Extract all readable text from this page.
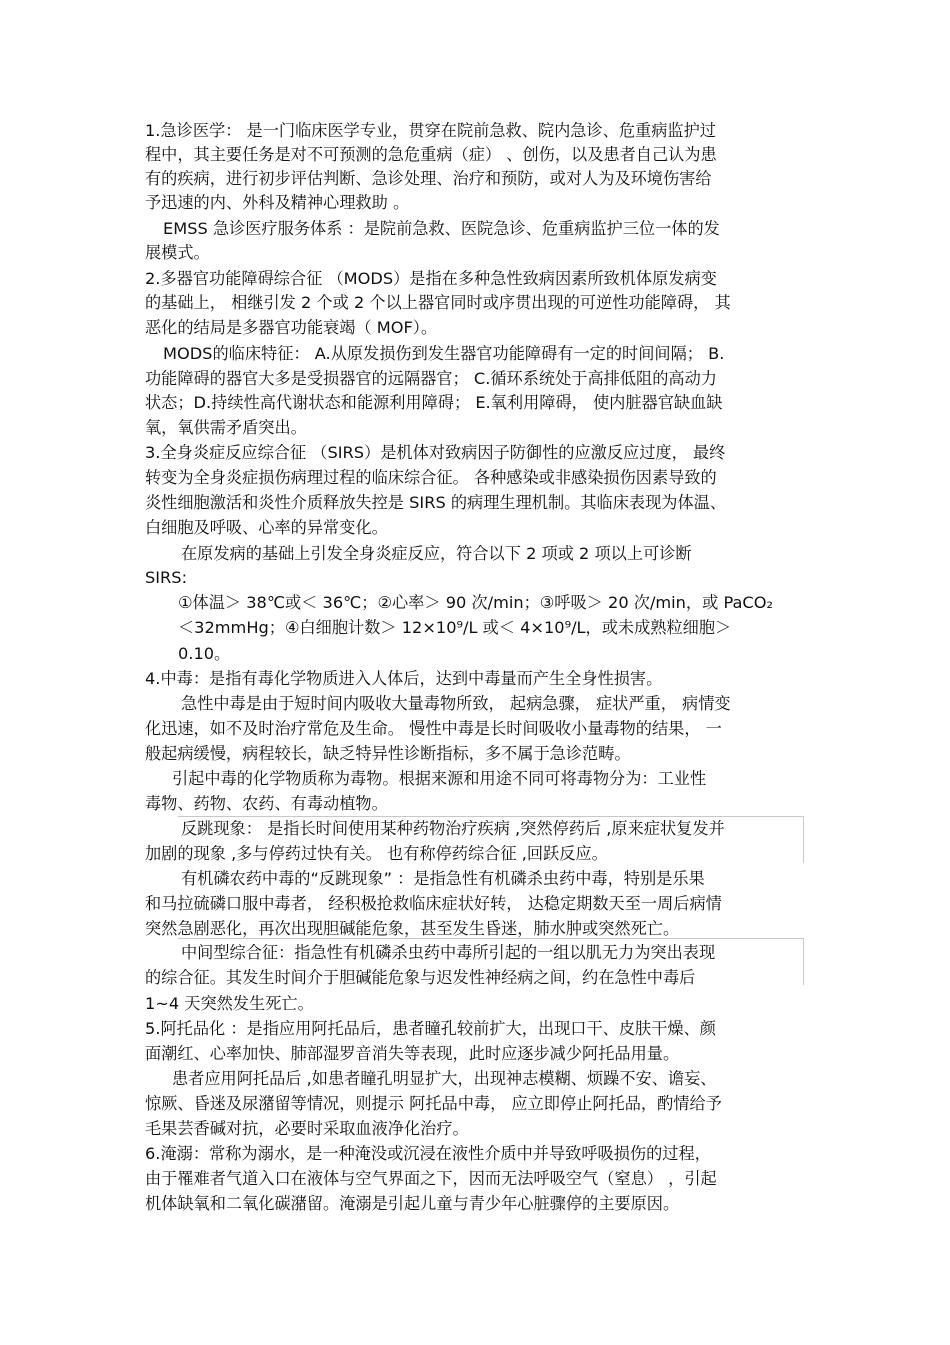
1.急诊医学： 是一门临床医学专业，贯穿在院前急救、院内急诊、危重病监护过
程中，其主要任务是对不可预测的急危重病（症） 、创伤，以及患者自己认为患
有的疾病，进行初步评估判断、急诊处理、治疗和预防，或对人为及环境伤害给
予迅速的内、外科及精神心理救助 。
EMSS 急诊医疗服务体系 ：是院前急救、医院急诊、危重病监护三位一体的发
展模式。
2.多器官功能障碍综合征 （MODS）是指在多种急性致病因素所致机体原发病变
的基础上， 相继引发 2 个或 2 个以上器官同时或序贯出现的可逆性功能障碍， 其
恶化的结局是多器官功能衰竭（ MOF）。
MODS的临床特征： A.从原发损伤到发生器官功能障碍有一定的时间间隔； B.
功能障碍的器官大多是受损器官的远隔器官； C.循环系统处于高排低阻的高动力
状态；D.持续性高代谢状态和能源利用障碍； E.氧利用障碍， 使内脏器官缺血缺
氧，氧供需矛盾突出。
3.全身炎症反应综合征 （SIRS）是机体对致病因子防御性的应激反应过度， 最终
转变为全身炎症损伤病理过程的临床综合征。 各种感染或非感染损伤因素导致的
炎性细胞激活和炎性介质释放失控是 SIRS 的病理生理机制。其临床表现为体温、
白细胞及呼吸、心率的异常变化。
在原发病的基础上引发全身炎症反应，符合以下 2 项或 2 项以上可诊断
SIRS:
①体温＞ 38℃或＜ 36℃；②心率＞ 90 次/min；③呼吸＞ 20 次/min，或 PaCO₂
＜32mmHg；④白细胞计数＞ 12×10⁹/L 或＜ 4×10⁹/L，或未成熟粒细胞＞
0.10。
4.中毒：是指有毒化学物质进入人体后，达到中毒量而产生全身性损害。
急性中毒是由于短时间内吸收大量毒物所致， 起病急骤， 症状严重， 病情变
化迅速，如不及时治疗常危及生命。 慢性中毒是长时间吸收小量毒物的结果， 一
般起病缓慢，病程较长，缺乏特异性诊断指标，多不属于急诊范畴。
引起中毒的化学物质称为毒物。根据来源和用途不同可将毒物分为：工业性
毒物、药物、农药、有毒动植物。
反跳现象： 是指长时间使用某种药物治疗疾病 ,突然停药后 ,原来症状复发并
加剧的现象 ,多与停药过快有关。 也有称停药综合征 ,回跃反应。
有机磷农药中毒的“反跳现象” ：是指急性有机磷杀虫药中毒，特别是乐果
和马拉硫磷口服中毒者， 经积极抢救临床症状好转， 达稳定期数天至一周后病情
突然急剧恶化，再次出现胆碱能危象，甚至发生昏迷，肺水肿或突然死亡。
中间型综合征：指急性有机磷杀虫药中毒所引起的一组以肌无力为突出表现
的综合征。其发生时间介于胆碱能危象与迟发性神经病之间，约在急性中毒后
1~4 天突然发生死亡。
5.阿托品化 ：是指应用阿托品后，患者瞳孔较前扩大，出现口干、皮肤干燥、颜
面潮红、心率加快、肺部湿罗音消失等表现，此时应逐步减少阿托品用量。
患者应用阿托品后 ,如患者瞳孔明显扩大，出现神志模糊、烦躁不安、谵妄、
惊厥、昏迷及尿潴留等情况，则提示 阿托品中毒， 应立即停止阿托品，酌情给予
毛果芸香碱对抗，必要时采取血液净化治疗。
6.淹溺：常称为溺水，是一种淹没或沉浸在液性介质中并导致呼吸损伤的过程，
由于罹难者气道入口在液体与空气界面之下，因而无法呼吸空气（窒息） ，引起
机体缺氧和二氧化碳潴留。淹溺是引起儿童与青少年心脏骤停的主要原因。
